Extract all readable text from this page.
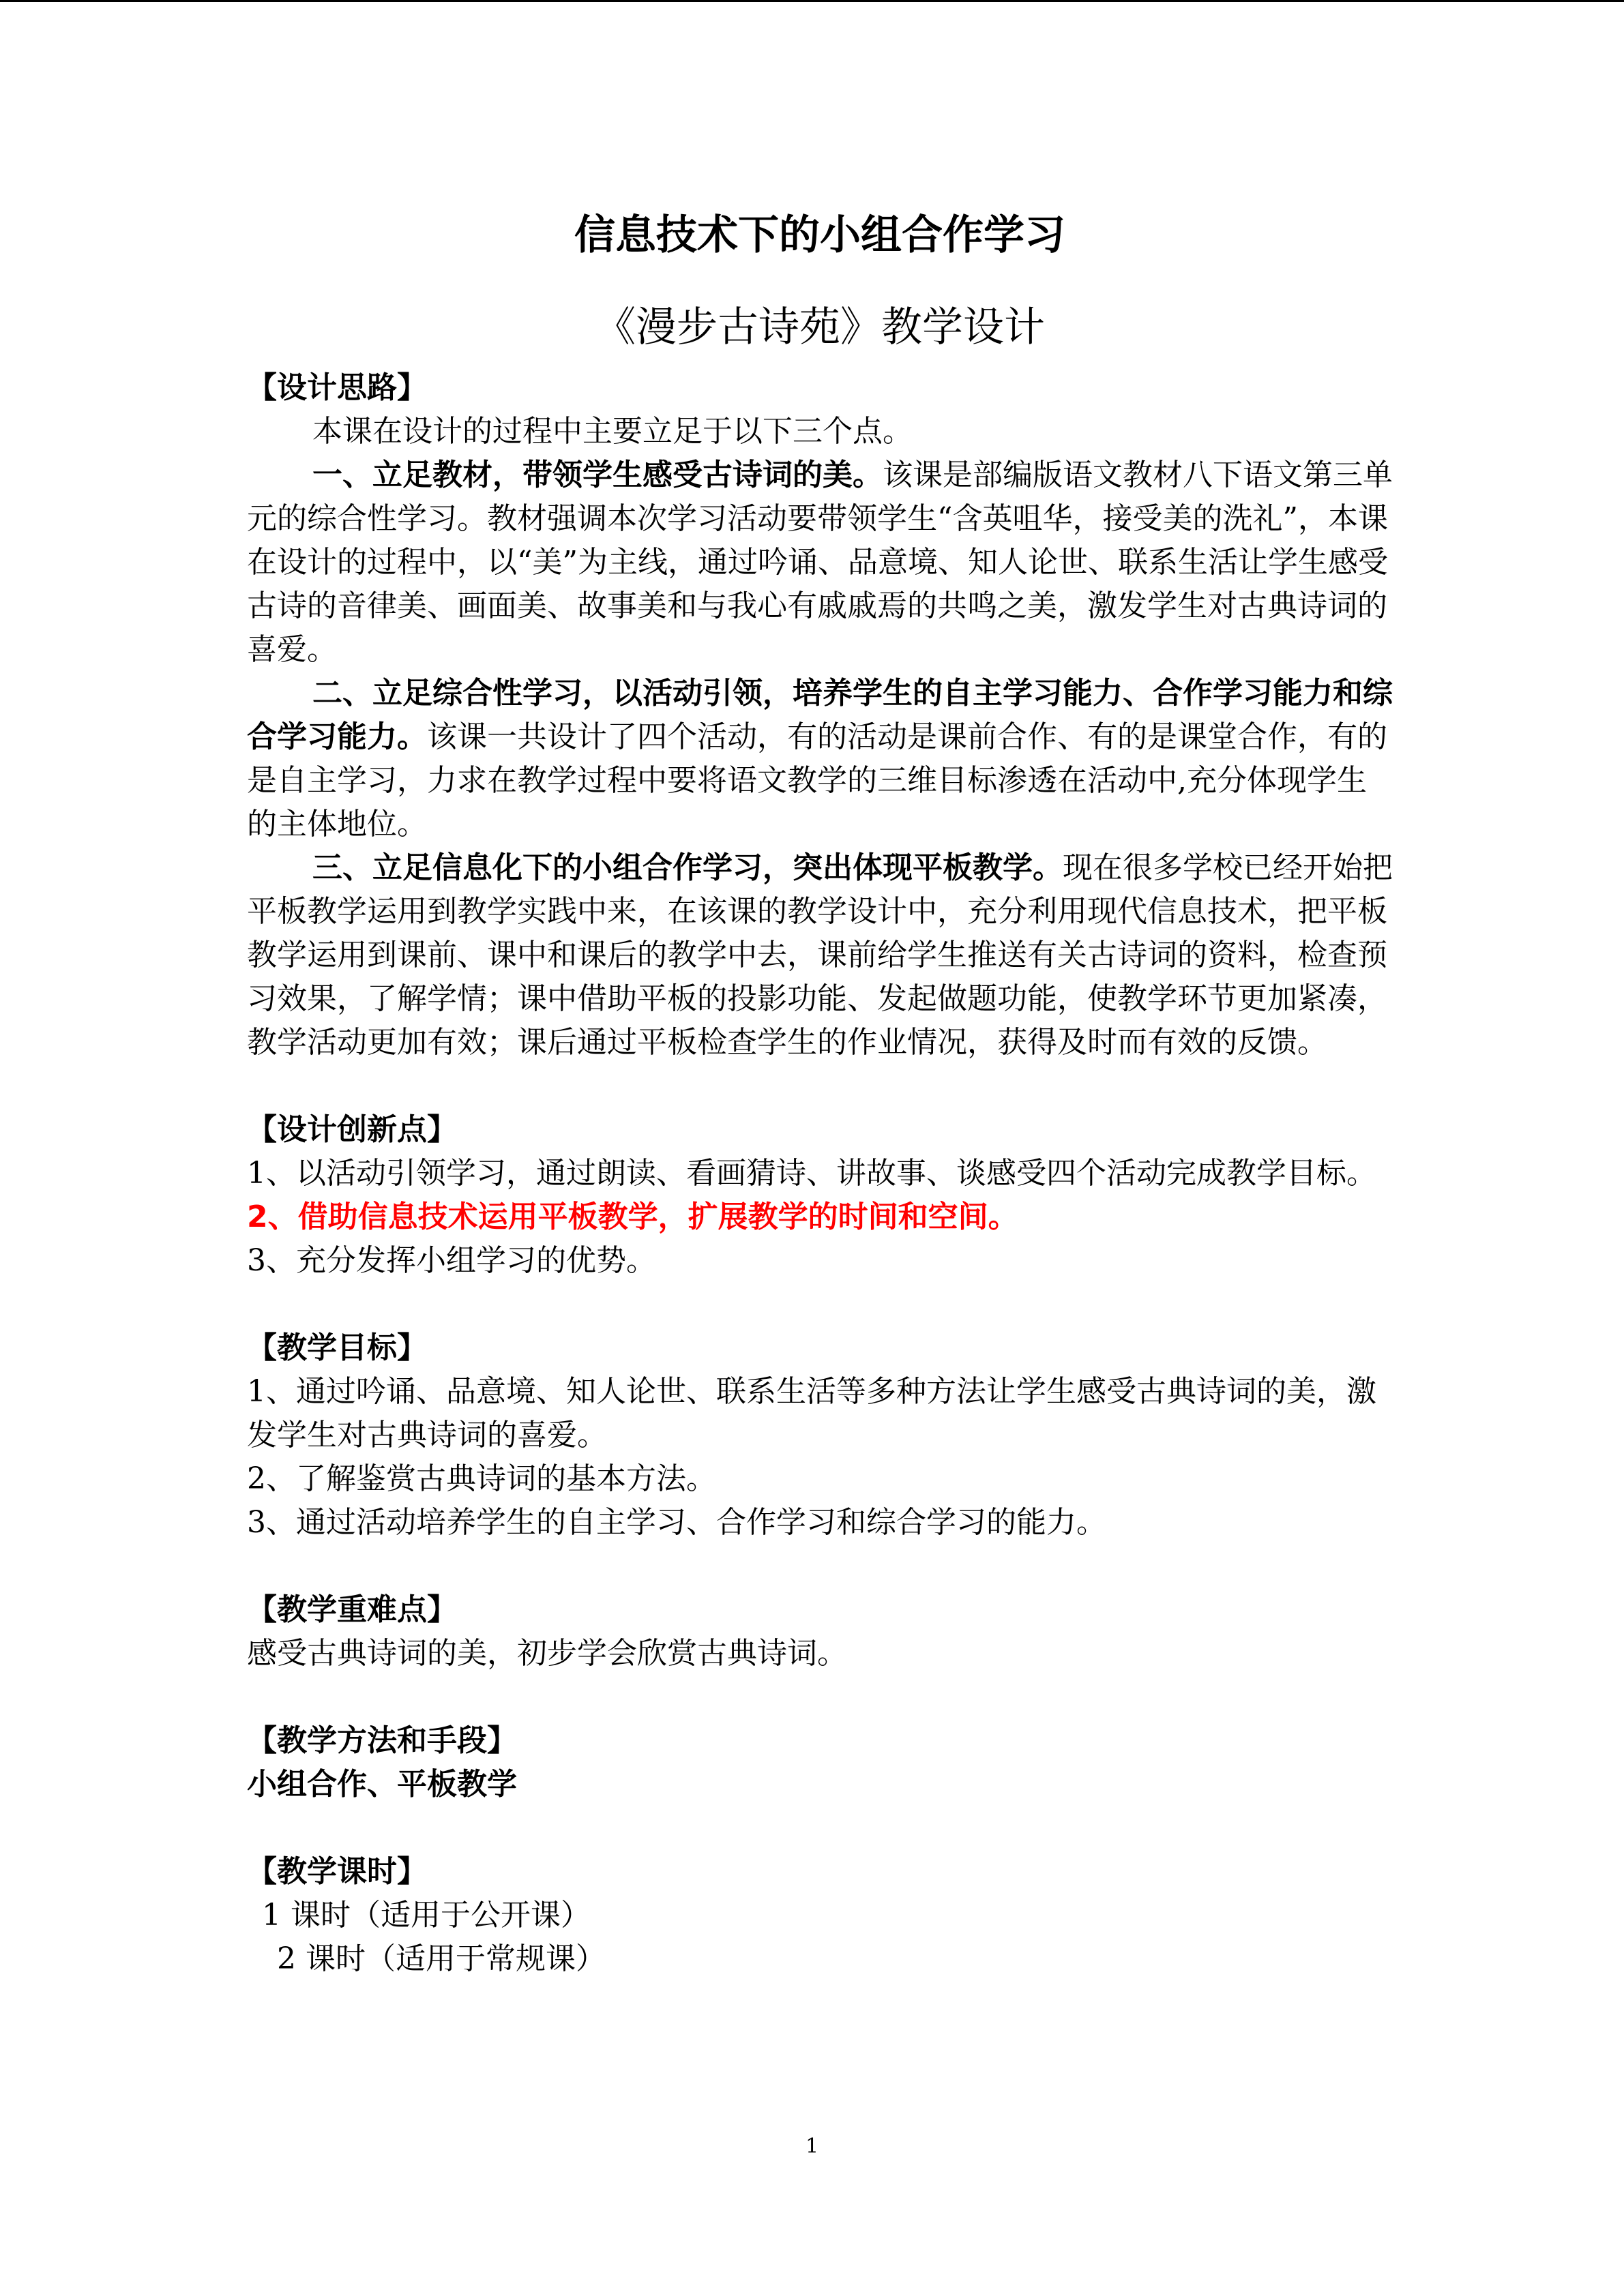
信息技术下的小组合作学习
《漫步古诗苑》教学设计
【设计思路】

本课在设计的过程中主要立足于以下三个点。

一、立足教材，带领学生感受古诗词的美。该课是部编版语文教材八下语文第三单元的综合性学习。教材强调本次学习活动要带领学生“含英咀华，接受美的洗礼”，本课在设计的过程中，以“美”为主线，通过吟诵、品意境、知人论世、联系生活让学生感受古诗的音律美、画面美、故事美和与我心有戚戚焉的共鸣之美，激发学生对古典诗词的喜爱。

二、立足综合性学习，以活动引领，培养学生的自主学习能力、合作学习能力和综合学习能力。该课一共设计了四个活动，有的活动是课前合作、有的是课堂合作，有的是自主学习，力求在教学过程中要将语文教学的三维目标渗透在活动中,充分体现学生的主体地位。

三、立足信息化下的小组合作学习，突出体现平板教学。现在很多学校已经开始把平板教学运用到教学实践中来，在该课的教学设计中，充分利用现代信息技术，把平板教学运用到课前、课中和课后的教学中去，课前给学生推送有关古诗词的资料，检查预习效果，了解学情；课中借助平板的投影功能、发起做题功能，使教学环节更加紧凑，教学活动更加有效；课后通过平板检查学生的作业情况，获得及时而有效的反馈。

【设计创新点】

1、以活动引领学习，通过朗读、看画猜诗、讲故事、谈感受四个活动完成教学目标。

2、借助信息技术运用平板教学，扩展教学的时间和空间。

3、充分发挥小组学习的优势。

【教学目标】

1、通过吟诵、品意境、知人论世、联系生活等多种方法让学生感受古典诗词的美，激发学生对古典诗词的喜爱。

2、了解鉴赏古典诗词的基本方法。

3、通过活动培养学生的自主学习、合作学习和综合学习的能力。

【教学重难点】

感受古典诗词的美，初步学会欣赏古典诗词。

【教学方法和手段】

小组合作、平板教学

【教学课时】

1 课时（适用于公开课）

2 课时（适用于常规课）

1
